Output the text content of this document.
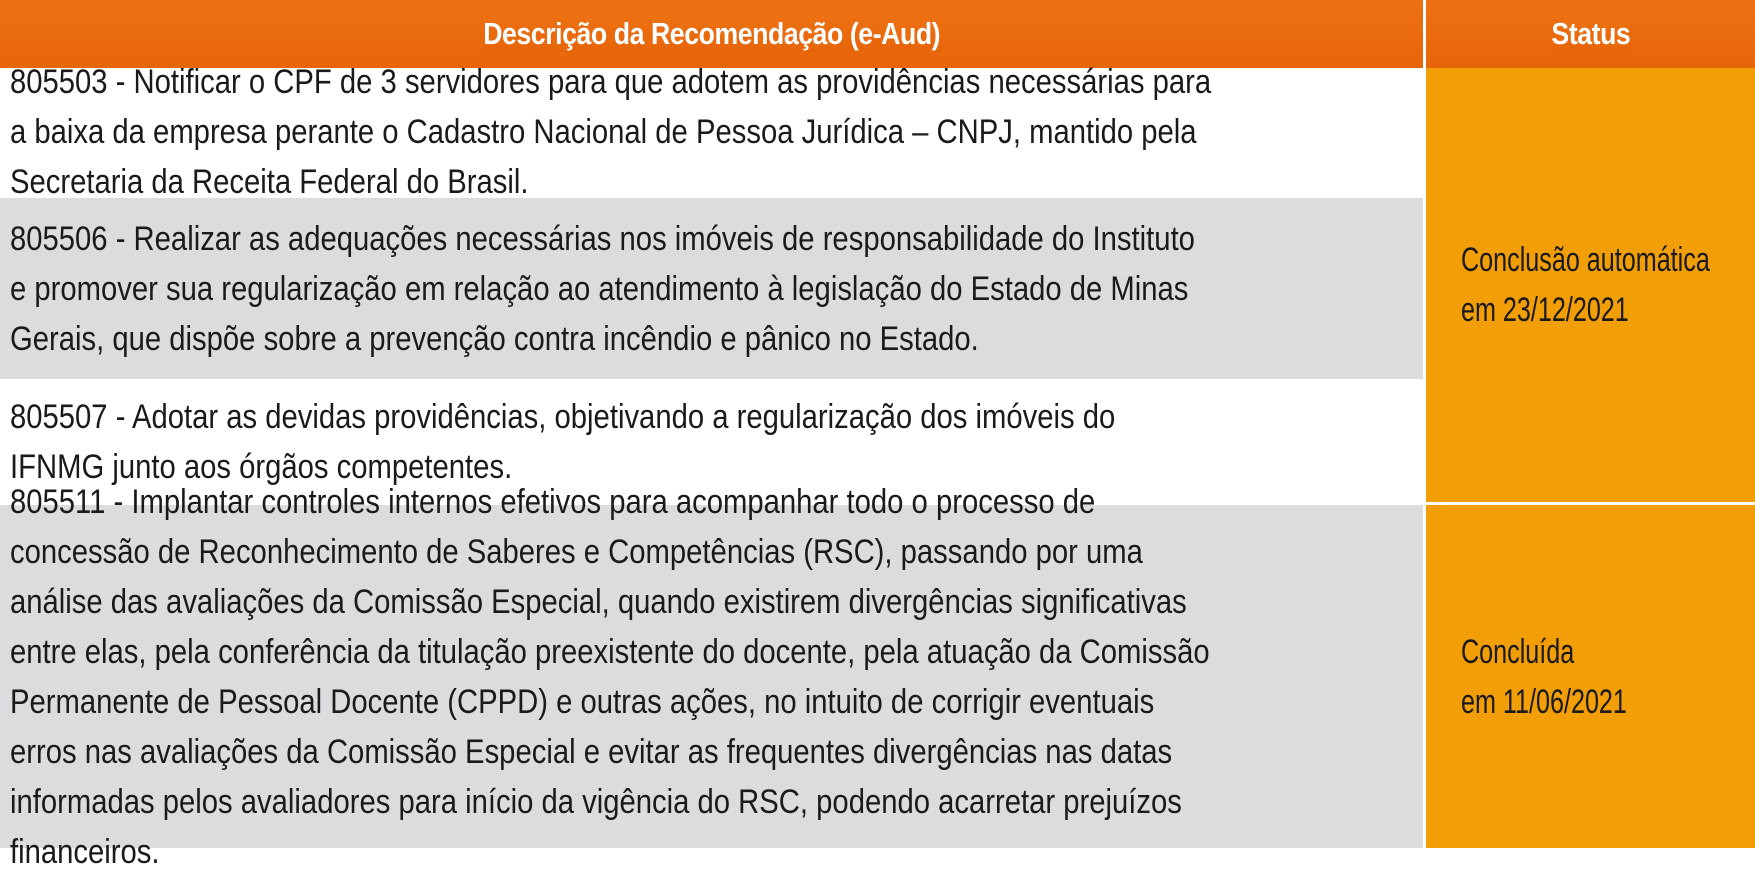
Descrição da Recomendação (e-Aud)	Status
805503 - Notificar o CPF de 3 servidores para que adotem as providências necessárias para a baixa da empresa perante o Cadastro Nacional de Pessoa Jurídica – CNPJ, mantido pela Secretaria da Receita Federal do Brasil.
805506 - Realizar as adequações necessárias nos imóveis de responsabilidade do Instituto e promover sua regularização em relação ao atendimento à legislação do Estado de Minas Gerais, que dispõe sobre a prevenção contra incêndio e pânico no Estado.
805507 - Adotar as devidas providências, objetivando a regularização dos imóveis do IFNMG junto aos órgãos competentes.
805511 - Implantar controles internos efetivos para acompanhar todo o processo de concessão de Reconhecimento de Saberes e Competências (RSC), passando por uma análise das avaliações da Comissão Especial, quando existirem divergências significativas entre elas, pela conferência da titulação preexistente do docente, pela atuação da Comissão Permanente de Pessoal Docente (CPPD) e outras ações, no intuito de corrigir eventuais erros nas avaliações da Comissão Especial e evitar as frequentes divergências nas datas informadas pelos avaliadores para início da vigência do RSC, podendo acarretar prejuízos financeiros.
Conclusão automática
em 23/12/2021
Concluída
em 11/06/2021
